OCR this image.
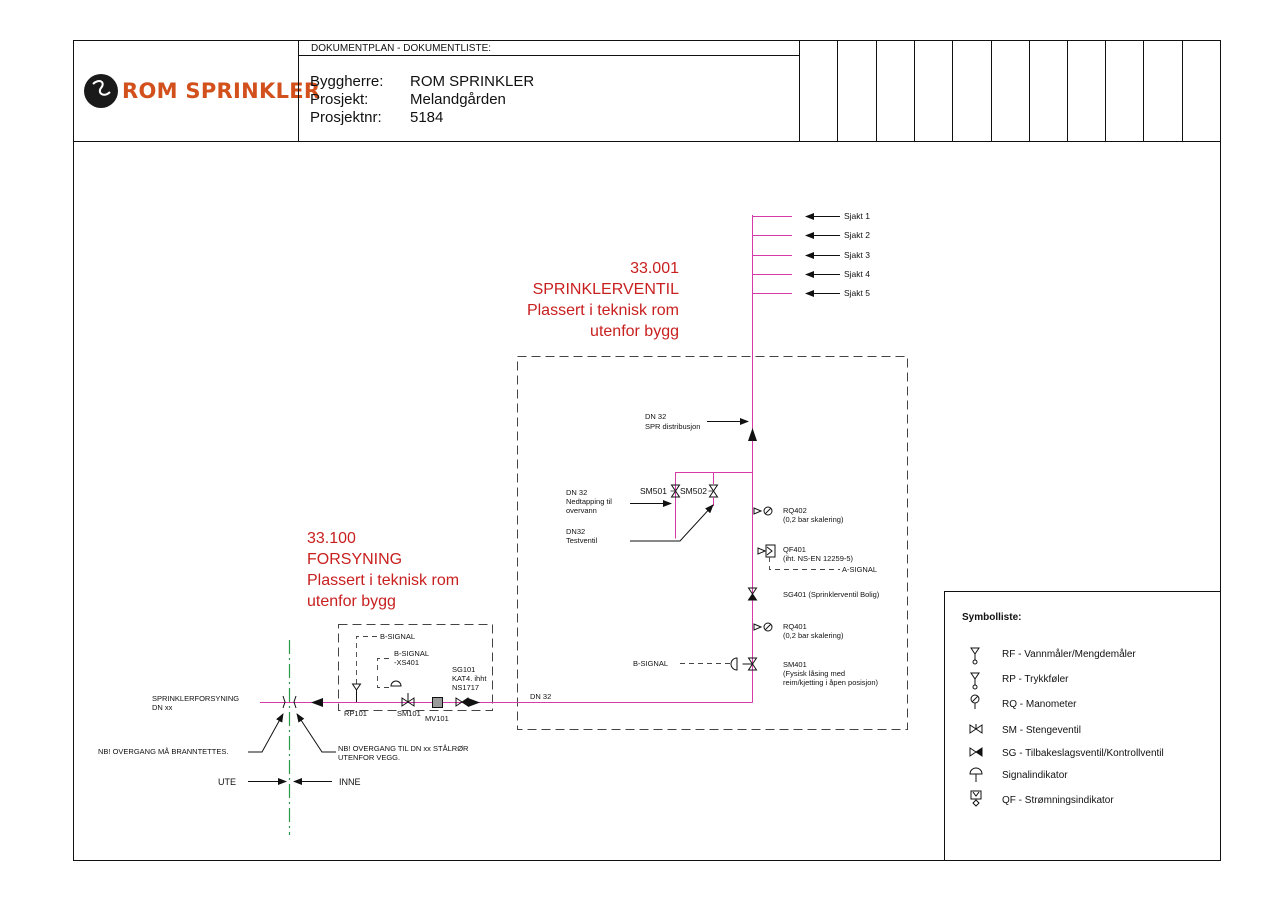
ROM SPRINKLER
DOKUMENTPLAN - DOKUMENTLISTE:
Byggherre: ROM SPRINKLER
Prosjekt:	Melandgården
Prosjektnr: 5184
Symbolliste:
RF - Vannmåler/Mengdemåler
RP - Trykkføler
RQ - Manometer
SM - Stengeventil
SG - Tilbakeslagsventil/Kontrollventil
Signalindikator
QF - Strømningsindikator
33.001
SPRINKLERVENTIL
Plassert i teknisk rom
utenfor bygg
33.100
FORSYNING
Plassert i teknisk rom
utenfor bygg
Sjakt 1
Sjakt 2
Sjakt 3
Sjakt 4
Sjakt 5
DN 32
SPR distribusjon
SM501 SM502
DN 32
Nedtapping til
overvann
DN32
Testventil
RQ402
(0,2 bar skalering)
QF401
(iht. NS-EN 12259-5)
A-SIGNAL
SG401 (Sprinklerventil Bolig)
RQ401
(0,2 bar skalering)
B-SIGNAL	SM401
(Fysisk låsing med
reim/kjetting i åpen posisjon)
DN 32
B-SIGNAL
RP101
B-SIGNAL
-XS401
SM101
MV101
SG101
KAT4. ihht
NS1717
SPRINKLERFORSYNING
DN xx
NB! OVERGANG MÅ BRANNTETTES.	NB! OVERGANG TIL DN xx STÅLRØR
UTENFOR VEGG.
UTE	INNE
